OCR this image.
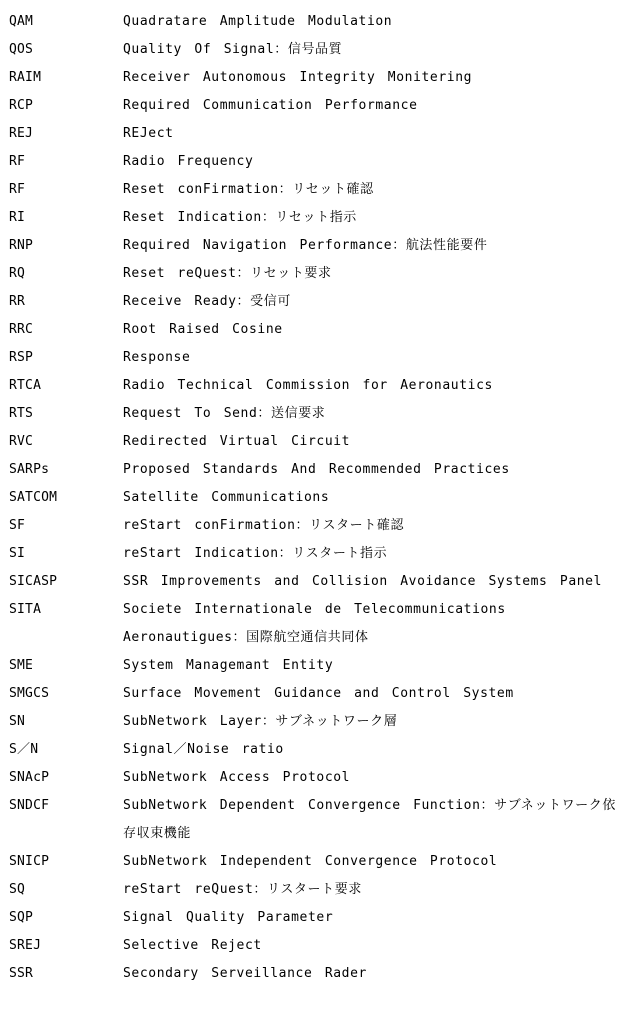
QAM	Quadratare Amplitude Modulation
QOS	Quality Of Signal：信号品質
RAIM	Receiver Autonomous Integrity Monitering
RCP	Required Communication Performance
REJ	REJect
RF	Radio Frequency
RF	Reset conFirmation：リセット確認
RI	Reset Indication：リセット指示
RNP	Required Navigation Performance：航法性能要件
RQ	Reset reQuest：リセット要求
RR	Receive Ready：受信可
RRC	Root Raised Cosine
RSP	Response
RTCA	Radio Technical Commission for Aeronautics
RTS	Request To Send：送信要求
RVC	Redirected Virtual Circuit
SARPs	Proposed Standards And Recommended Practices
SATCOM	Satellite Communications
SF	reStart conFirmation：リスタート確認
SI	reStart Indication：リスタート指示
SICASP	SSR Improvements and Collision Avoidance Systems Panel
SITA	Societe Internationale de Telecommunications
Aeronautigues：国際航空通信共同体
SME	System Managemant Entity
SMGCS	Surface Movement Guidance and Control System
SN	SubNetwork Layer：サブネットワーク層
S／N	Signal／Noise ratio
SNAcP	SubNetwork Access Protocol
SNDCF	SubNetwork Dependent Convergence Function：サブネットワーク依
存収束機能
SNICP	SubNetwork Independent Convergence Protocol
SQ	reStart reQuest：リスタート要求
SQP	Signal Quality Parameter
SREJ	Selective Reject
SSR	Secondary Serveillance Rader
